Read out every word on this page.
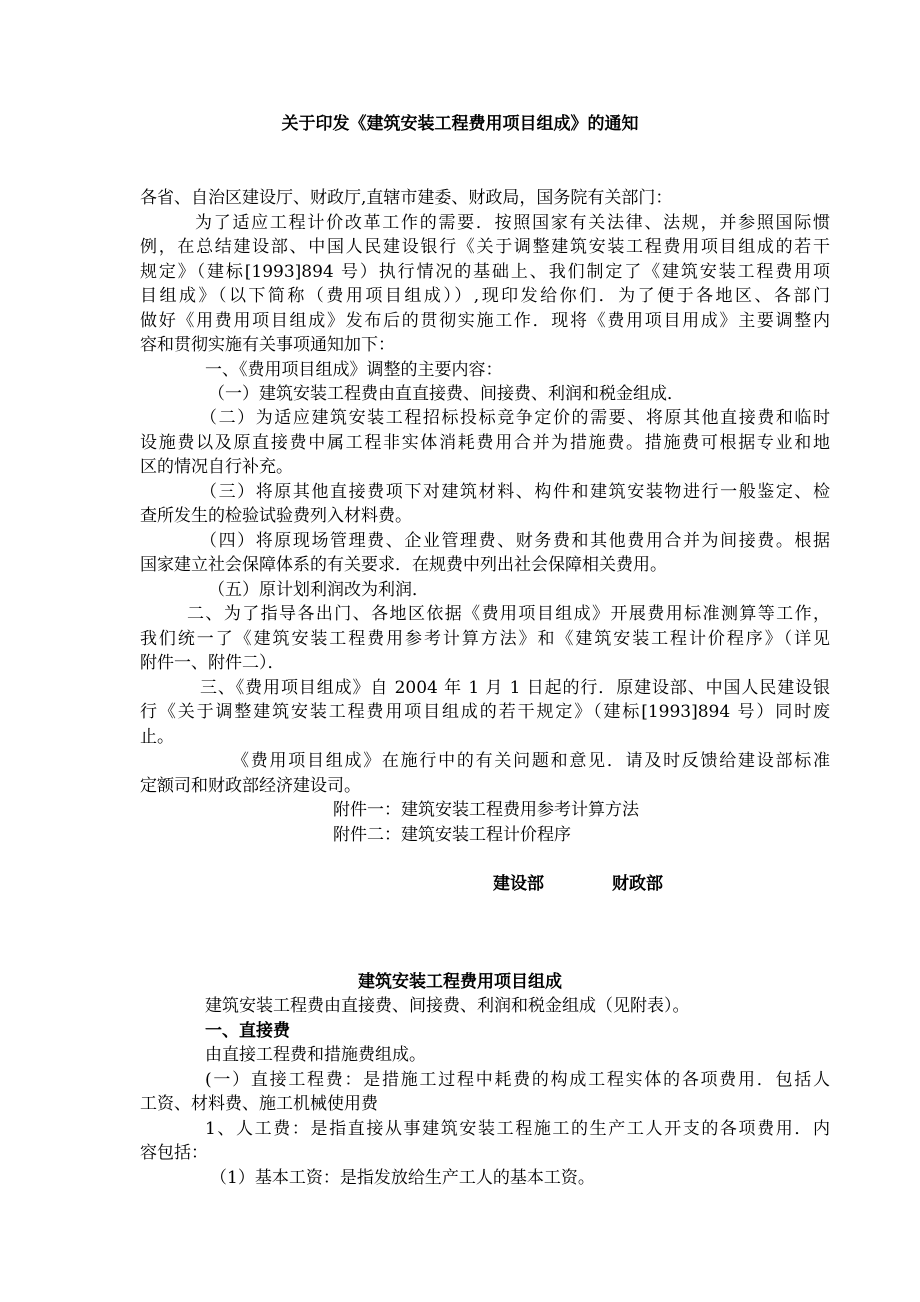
关于印发《建筑安装工程费用项目组成》的通知
各省、自治区建设厅、财政厅,直辖市建委、财政局，国务院有关部门：
为了适应工程计价改革工作的需要．按照国家有关法律、法规，并参照国际惯
例，在总结建设部、中国人民建设银行《关于调整建筑安装工程费用项目组成的若干
规定》（建标[1993]894 号）执行情况的基础上、我们制定了《建筑安装工程费用项
目组成》（以下简称（费用项目组成））,现印发给你们．为了便于各地区、各部门
做好《用费用项目组成》发布后的贯彻实施工作．现将《费用项目用成》主要调整内
容和贯彻实施有关事项通知加下：
一、《费用项目组成》调整的主要内容：
（一）建筑安装工程费由直直接费、间接费、利润和税金组成．
（二）为适应建筑安装工程招标投标竞争定价的需要、将原其他直接费和临时
设施费以及原直接费中属工程非实体消耗费用合并为措施费。措施费可根据专业和地
区的情况自行补充。
（三）将原其他直接费项下对建筑材料、构件和建筑安装物进行一般鉴定、检
查所发生的检验试验费列入材料费。
（四）将原现场管理费、企业管理费、财务费和其他费用合并为间接费。根据
国家建立社会保障体系的有关要求．在规费中列出社会保障相关费用。
（五）原计划利润改为利润．
二、为了指导各出门、各地区依据《费用项目组成》开展费用标准测算等工作，
我们统一了《建筑安装工程费用参考计算方法》和《建筑安装工程计价程序》（详见
附件一、附件二）．
三、《费用项目组成》自 2004 年 1 月 1 日起的行．原建设部、中国人民建设银
行《关于调整建筑安装工程费用项目组成的若干规定》（建标[1993]894 号）同时废
止。
《费用项目组成》在施行中的有关问题和意见．请及时反馈给建设部标准
定额司和财政部经济建设司。
附件一：建筑安装工程费用参考计算方法
附件二：建筑安装工程计价程序
建设部	财政部
建筑安装工程费用项目组成
建筑安装工程费由直接费、间接费、利润和税金组成（见附表）。
一、直接费
由直接工程费和措施费组成。
(一）直接工程费：是措施工过程中耗费的构成工程实体的各项费用．包括人
工资、材料费、施工机械使用费
1、人工费：是指直接从事建筑安装工程施工的生产工人开支的各项费用．内
容包括：
（1）基本工资：是指发放给生产工人的基本工资。
